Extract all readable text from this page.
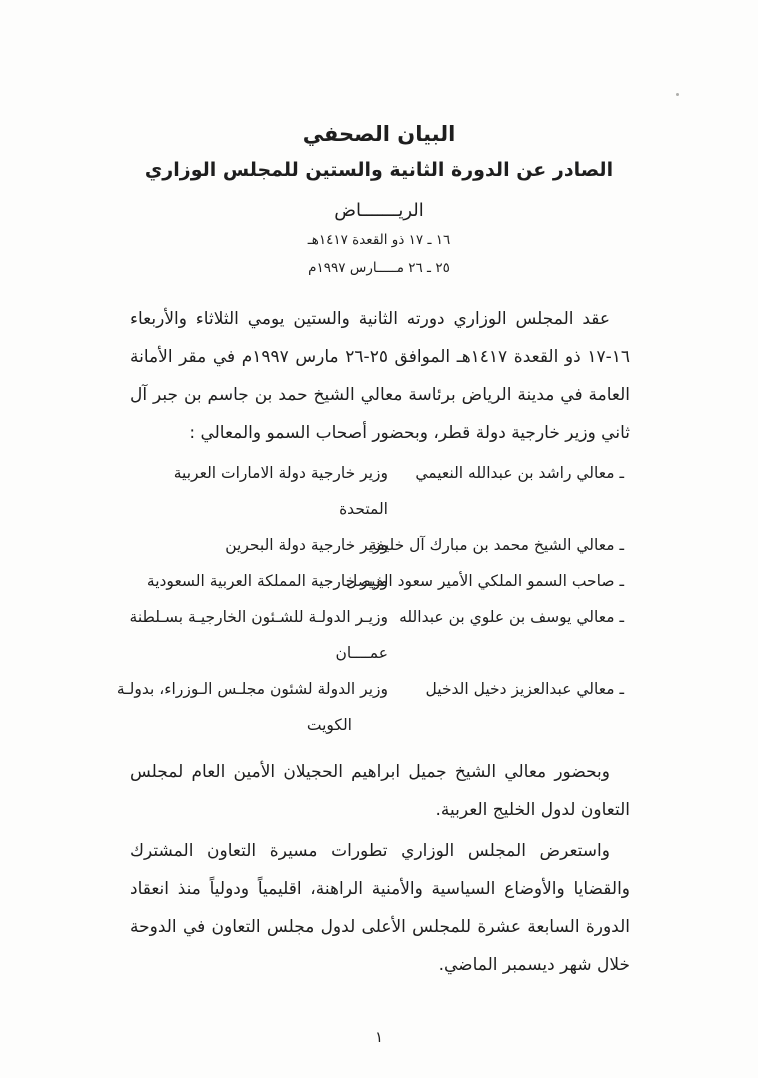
البيان الصحفي
الصادر عن الدورة الثانية والستين للمجلس الوزاري
الريـــــــاض
١٦ ـ ١٧ ذو القعدة ١٤١٧هـ
٢٥ ـ ٢٦ مـــــارس ١٩٩٧م

عقد المجلس الوزاري دورته الثانية والستين يومي الثلاثاء والأربعاء ١٦-١٧ ذو القعدة ١٤١٧هـ الموافق ٢٥-٢٦ مارس ١٩٩٧م في مقر الأمانة العامة في مدينة الرياض برئاسة معالي الشيخ حمد بن جاسم بن جبر آل ثاني وزير خارجية دولة قطر، وبحضور أصحاب السمو والمعالي :

ـ معالي راشد بن عبدالله النعيمي
وزير خارجية دولة الامارات العربية المتحدة
ـ معالي الشيخ محمد بن مبارك آل خليفة
وزير خارجية دولة البحرين
ـ صاحب السمو الملكي الأمير سعود الفيصل
وزير خارجية المملكة العربية السعودية
ـ معالي يوسف بن علوي بن عبدالله
وزيـر الدولـة للشـئون الخارجيـة بسـلطنة
عمــــان
ـ معالي عبدالعزيز دخيل الدخيل
وزير الدولة لشئون مجلـس الـوزراء، بدولـة
الكويت

وبحضور معالي الشيخ جميل ابراهيم الحجيلان الأمين العام لمجلس التعاون لدول الخليج العربية.

واستعرض المجلس الوزاري تطورات مسيرة التعاون المشترك والقضايا والأوضاع السياسية والأمنية الراهنة، اقليمياً ودولياً منذ انعقاد الدورة السابعة عشرة للمجلس الأعلى لدول مجلس التعاون في الدوحة خلال شهر ديسمبر الماضي.

١
